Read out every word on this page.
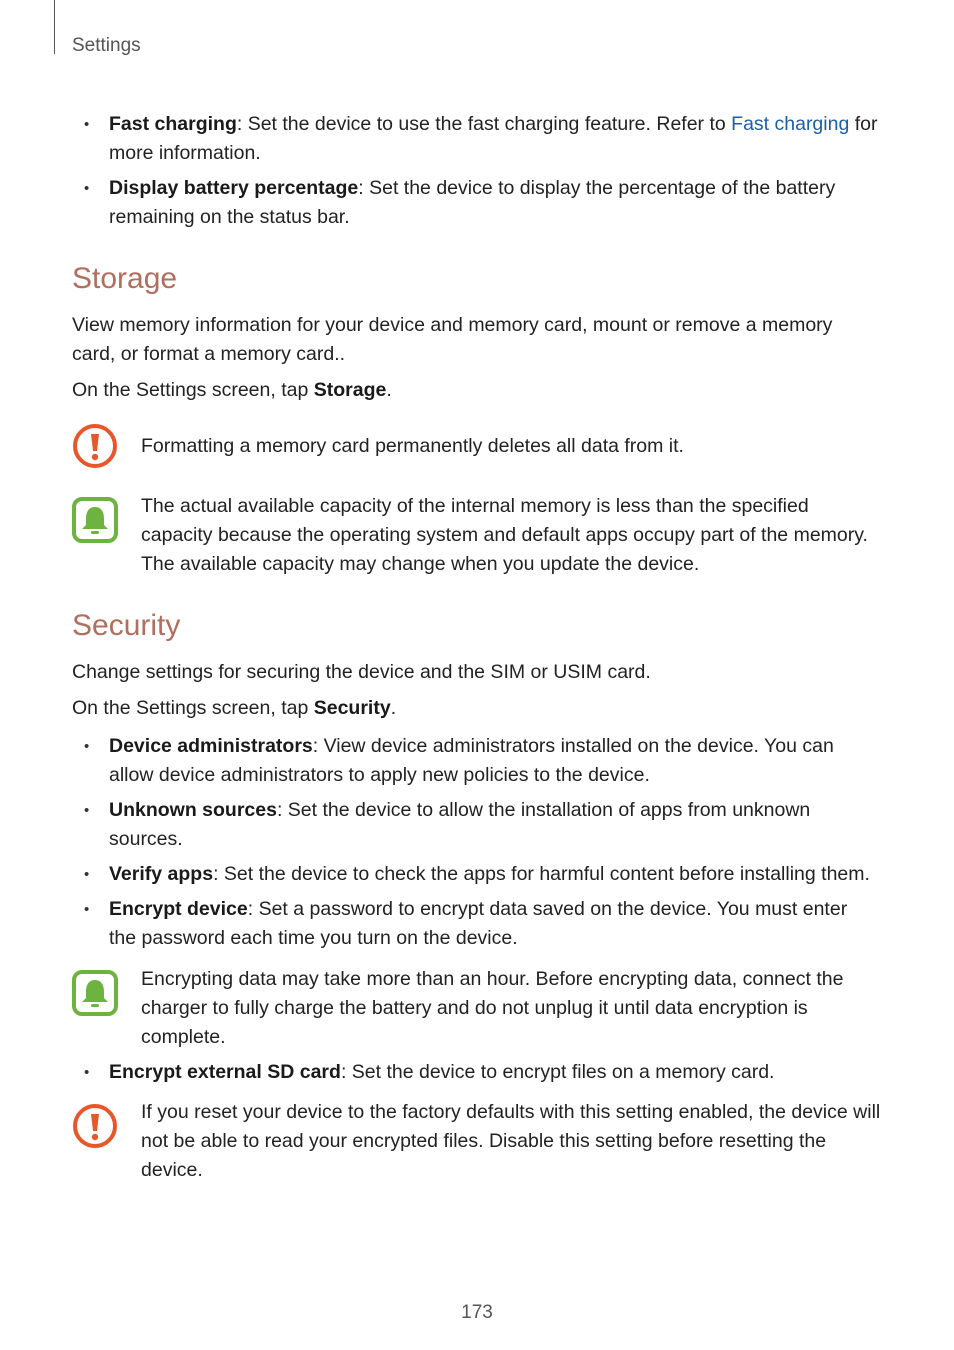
Settings
• Fast charging: Set the device to use the fast charging feature. Refer to Fast charging for more information.
• Display battery percentage: Set the device to display the percentage of the battery remaining on the status bar.
Storage

View memory information for your device and memory card, mount or remove a memory card, or format a memory card..

On the Settings screen, tap Storage.

Formatting a memory card permanently deletes all data from it.

The actual available capacity of the internal memory is less than the specified capacity because the operating system and default apps occupy part of the memory. The available capacity may change when you update the device.

Security

Change settings for securing the device and the SIM or USIM card.

On the Settings screen, tap Security.

• Device administrators: View device administrators installed on the device. You can allow device administrators to apply new policies to the device.
• Unknown sources: Set the device to allow the installation of apps from unknown sources.
• Verify apps: Set the device to check the apps for harmful content before installing them.
• Encrypt device: Set a password to encrypt data saved on the device. You must enter the password each time you turn on the device.

Encrypting data may take more than an hour. Before encrypting data, connect the charger to fully charge the battery and do not unplug it until data encryption is complete.

• Encrypt external SD card: Set the device to encrypt files on a memory card.

If you reset your device to the factory defaults with this setting enabled, the device will not be able to read your encrypted files. Disable this setting before resetting the device.

173
